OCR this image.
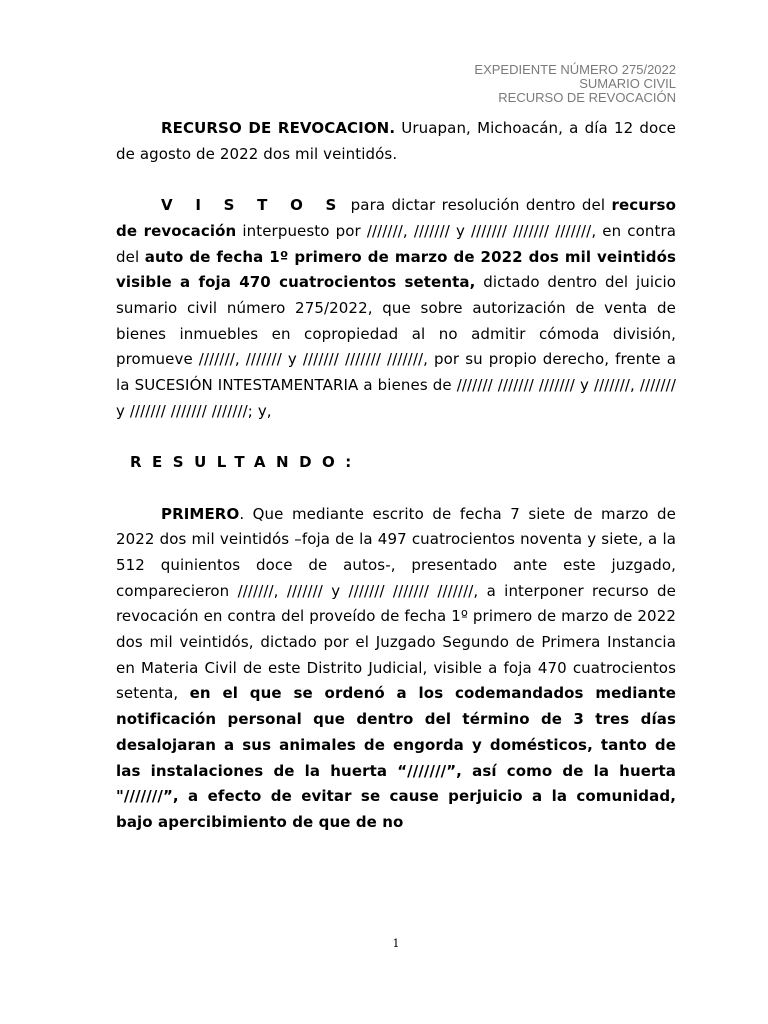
EXPEDIENTE NÚMERO 275/2022
SUMARIO CIVIL
RECURSO DE REVOCACIÓN

RECURSO DE REVOCACION. Uruapan, Michoacán, a día 12 doce de agosto de 2022 dos mil veintidós.

V I S T O S para dictar resolución dentro del recurso de revocación interpuesto por ///////, /////// y /////// /////// ///////, en contra del auto de fecha 1º primero de marzo de 2022 dos mil veintidós visible a foja 470 cuatrocientos setenta, dictado dentro del juicio sumario civil número 275/2022, que sobre autorización de venta de bienes inmuebles en copropiedad al no admitir cómoda división, promueve ///////, /////// y /////// /////// ///////, por su propio derecho, frente a la SUCESIÓN INTESTAMENTARIA a bienes de /////// /////// /////// y ///////, /////// y /////// /////// ///////; y,

RESULTANDO:

PRIMERO. Que mediante escrito de fecha 7 siete de marzo de 2022 dos mil veintidós –foja de la 497 cuatrocientos noventa y siete, a la 512 quinientos doce de autos-, presentado ante este juzgado, comparecieron ///////, /////// y /////// /////// ///////, a interponer recurso de revocación en contra del proveído de fecha 1º primero de marzo de 2022 dos mil veintidós, dictado por el Juzgado Segundo de Primera Instancia en Materia Civil de este Distrito Judicial, visible a foja 470 cuatrocientos setenta, en el que se ordenó a los codemandados mediante notificación personal que dentro del término de 3 tres días desalojaran a sus animales de engorda y domésticos, tanto de las instalaciones de la huerta “///////”, así como de la huerta "///////”, a efecto de evitar se cause perjuicio a la comunidad, bajo apercibimiento de que de no

1
